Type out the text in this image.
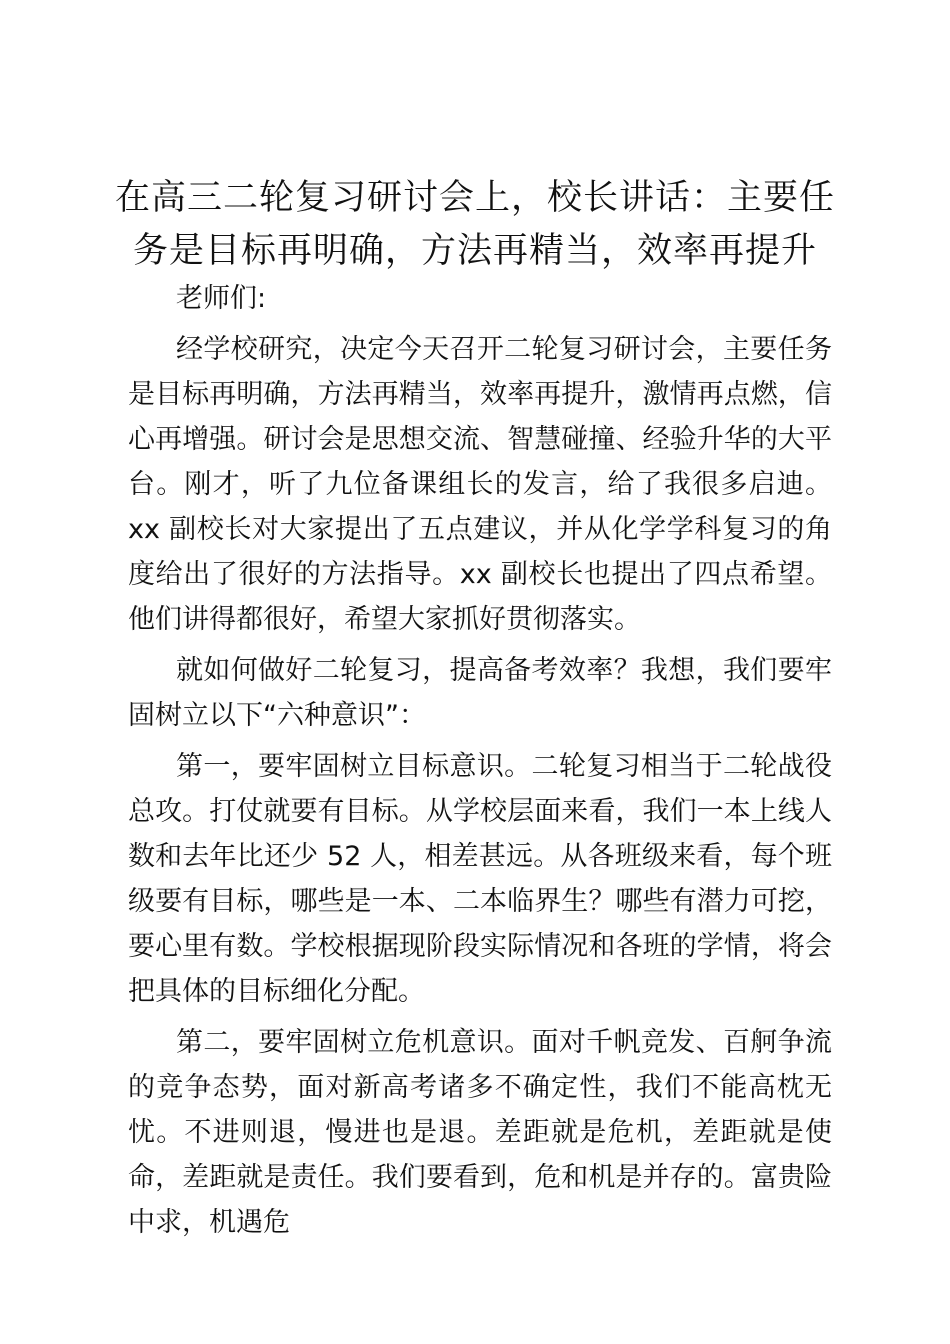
在高三二轮复习研讨会上，校长讲话：主要任务是目标再明确，方法再精当，效率再提升

老师们:

经学校研究，决定今天召开二轮复习研讨会，主要任务是目标再明确，方法再精当，效率再提升，激情再点燃，信心再增强。研讨会是思想交流、智慧碰撞、经验升华的大平台。刚才，听了九位备课组长的发言，给了我很多启迪。xx 副校长对大家提出了五点建议，并从化学学科复习的角度给出了很好的方法指导。xx 副校长也提出了四点希望。他们讲得都很好，希望大家抓好贯彻落实。

就如何做好二轮复习，提高备考效率？我想，我们要牢固树立以下“六种意识”：

第一，要牢固树立目标意识。二轮复习相当于二轮战役总攻。打仗就要有目标。从学校层面来看，我们一本上线人数和去年比还少 52 人，相差甚远。从各班级来看，每个班级要有目标，哪些是一本、二本临界生？哪些有潜力可挖，要心里有数。学校根据现阶段实际情况和各班的学情，将会把具体的目标细化分配。

第二，要牢固树立危机意识。面对千帆竞发、百舸争流的竞争态势，面对新高考诸多不确定性，我们不能高枕无忧。不进则退，慢进也是退。差距就是危机，差距就是使命，差距就是责任。我们要看到，危和机是并存的。富贵险中求，机遇危
